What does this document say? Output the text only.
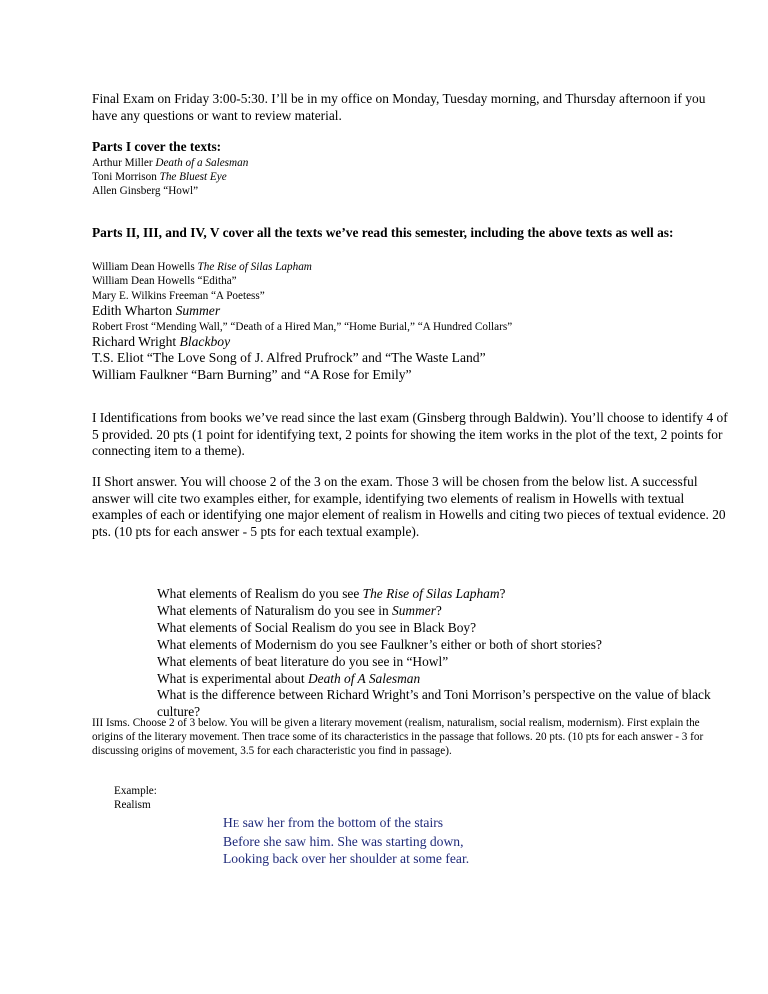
Final Exam on Friday 3:00-5:30. I’ll be in my office on Monday, Tuesday morning, and Thursday afternoon if you have any questions or want to review material.

Parts I cover the texts:

Arthur Miller Death of a Salesman

Toni Morrison The Bluest Eye

Allen Ginsberg “Howl”

Parts II, III, and IV, V cover all the texts we’ve read this semester, including the above texts as well as:

William Dean Howells The Rise of Silas Lapham

William Dean Howells “Editha”

Mary E. Wilkins Freeman “A Poetess”

Edith Wharton Summer

Robert Frost “Mending Wall,” “Death of a Hired Man,” “Home Burial,” “A Hundred Collars”

Richard Wright Blackboy

T.S. Eliot “The Love Song of J. Alfred Prufrock” and “The Waste Land”

William Faulkner “Barn Burning” and “A Rose for Emily”

I Identifications from books we’ve read since the last exam (Ginsberg through Baldwin). You’ll choose to identify 4 of 5 provided. 20 pts (1 point for identifying text, 2 points for showing the item works in the plot of the text, 2 points for connecting item to a theme).

II Short answer. You will choose 2 of the 3 on the exam. Those 3 will be chosen from the below list. A successful answer will cite two examples either, for example, identifying two elements of realism in Howells with textual examples of each or identifying one major element of realism in Howells and citing two pieces of textual evidence. 20 pts. (10 pts for each answer - 5 pts for each textual example).

What elements of Realism do you see The Rise of Silas Lapham?

What elements of Naturalism do you see in Summer?

What elements of Social Realism do you see in Black Boy?

What elements of Modernism do you see Faulkner’s either or both of short stories?

What elements of beat literature do you see in “Howl”

What is experimental about Death of A Salesman

What is the difference between Richard Wright’s and Toni Morrison’s perspective on the value of black culture?

III Isms. Choose 2 of 3 below. You will be given a literary movement (realism, naturalism, social realism, modernism). First explain the origins of the literary movement. Then trace some of its characteristics in the passage that follows. 20 pts. (10 pts for each answer - 3 for discussing origins of movement, 3.5 for each characteristic you find in passage).

Example:

Realism

HE saw her from the bottom of the stairs

Before she saw him. She was starting down,

Looking back over her shoulder at some fear.
